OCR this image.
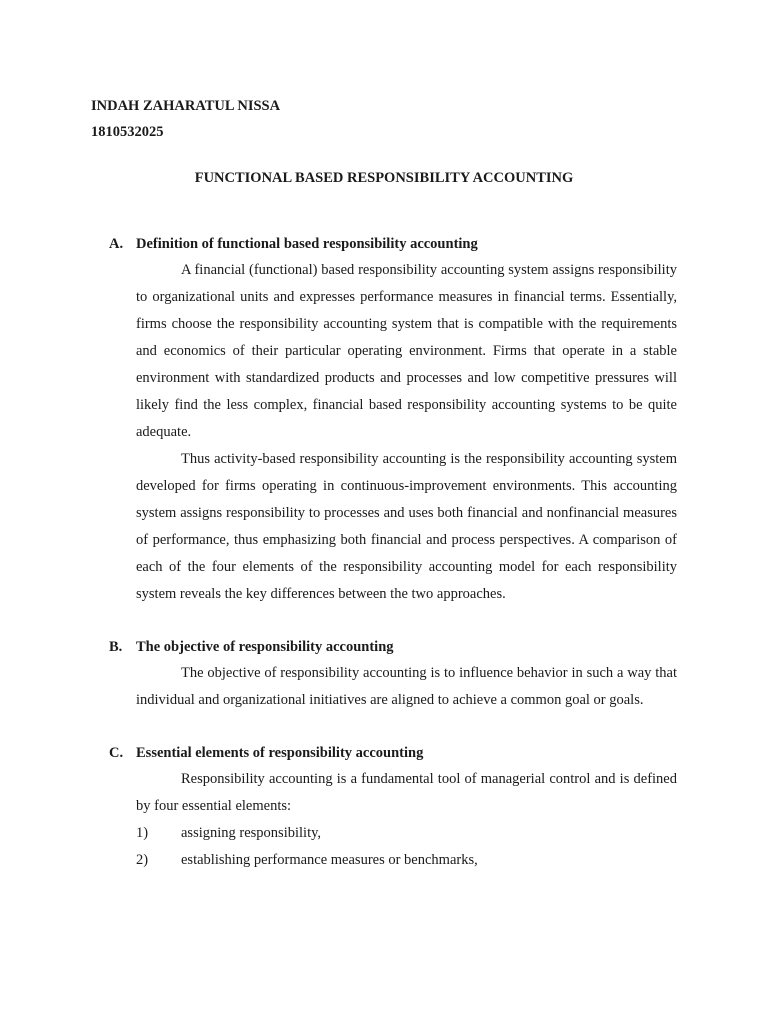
INDAH ZAHARATUL NISSA

1810532025

FUNCTIONAL BASED RESPONSIBILITY ACCOUNTING

A. Definition of functional based responsibility accounting

A financial (functional) based responsibility accounting system assigns responsibility to organizational units and expresses performance measures in financial terms. Essentially, firms choose the responsibility accounting system that is compatible with the requirements and economics of their particular operating environment. Firms that operate in a stable environment with standardized products and processes and low competitive pressures will likely find the less complex, financial based responsibility accounting systems to be quite adequate.

Thus activity-based responsibility accounting is the responsibility accounting system developed for firms operating in continuous-improvement environments. This accounting system assigns responsibility to processes and uses both financial and nonfinancial measures of performance, thus emphasizing both financial and process perspectives. A comparison of each of the four elements of the responsibility accounting model for each responsibility system reveals the key differences between the two approaches.

B. The objective of responsibility accounting

The objective of responsibility accounting is to influence behavior in such a way that individual and organizational initiatives are aligned to achieve a common goal or goals.

C. Essential elements of responsibility accounting

Responsibility accounting is a fundamental tool of managerial control and is defined by four essential elements:

1)	assigning responsibility,
2)	establishing performance measures or benchmarks,
